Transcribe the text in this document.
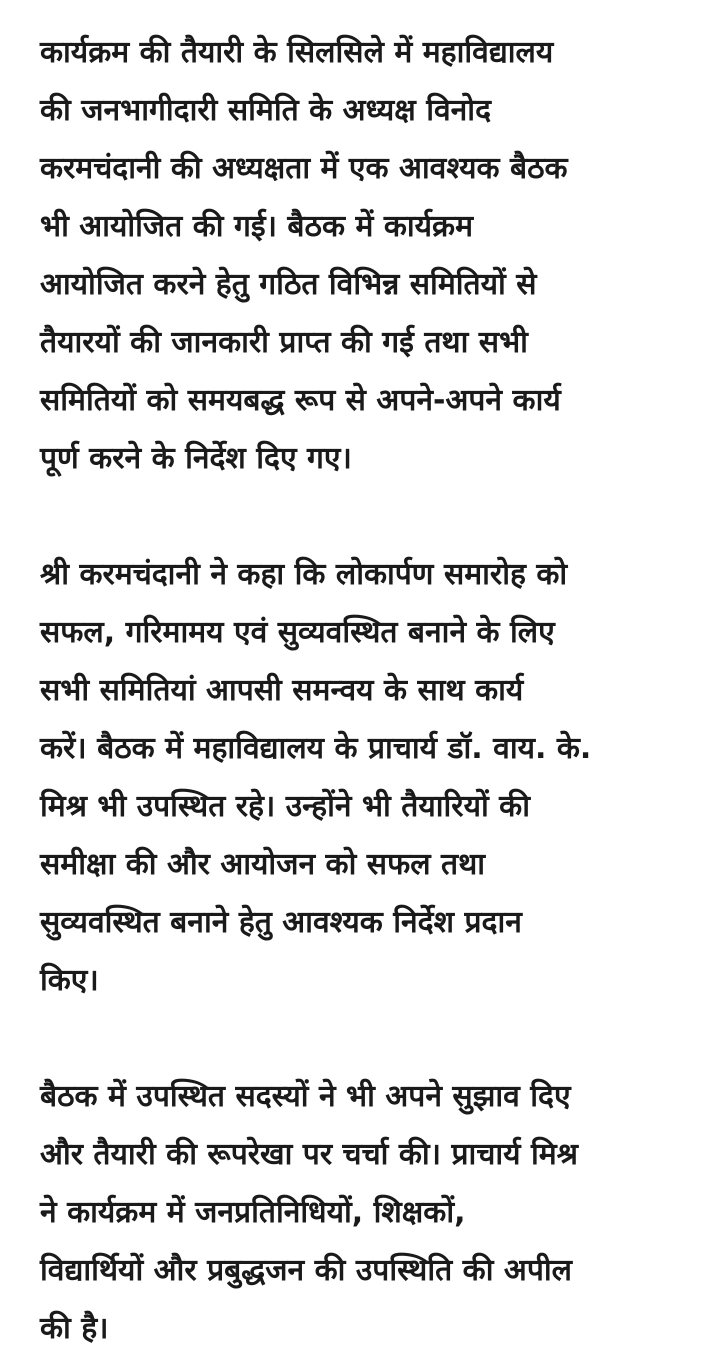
कार्यक्रम की तैयारी के सिलसिले में महाविद्यालय
की जनभागीदारी समिति के अध्यक्ष विनोद
करमचंदानी की अध्यक्षता में एक आवश्यक बैठक
भी आयोजित की गई। बैठक में कार्यक्रम
आयोजित करने हेतु गठित विभिन्न समितियों से
तैयारयों की जानकारी प्राप्त की गई तथा सभी
समितियों को समयबद्ध रूप से अपने-अपने कार्य
पूर्ण करने के निर्देश दिए गए।

श्री करमचंदानी ने कहा कि लोकार्पण समारोह को
सफल, गरिमामय एवं सुव्यवस्थित बनाने के लिए
सभी समितियां आपसी समन्वय के साथ कार्य
करें। बैठक में महाविद्यालय के प्राचार्य डॉ. वाय. के.
मिश्र भी उपस्थित रहे। उन्होंने भी तैयारियों की
समीक्षा की और आयोजन को सफल तथा
सुव्यवस्थित बनाने हेतु आवश्यक निर्देश प्रदान
किए।

बैठक में उपस्थित सदस्यों ने भी अपने सुझाव दिए
और तैयारी की रूपरेखा पर चर्चा की। प्राचार्य मिश्र
ने कार्यक्रम में जनप्रतिनिधियों, शिक्षकों,
विद्यार्थियों और प्रबुद्धजन की उपस्थिति की अपील
की है।
